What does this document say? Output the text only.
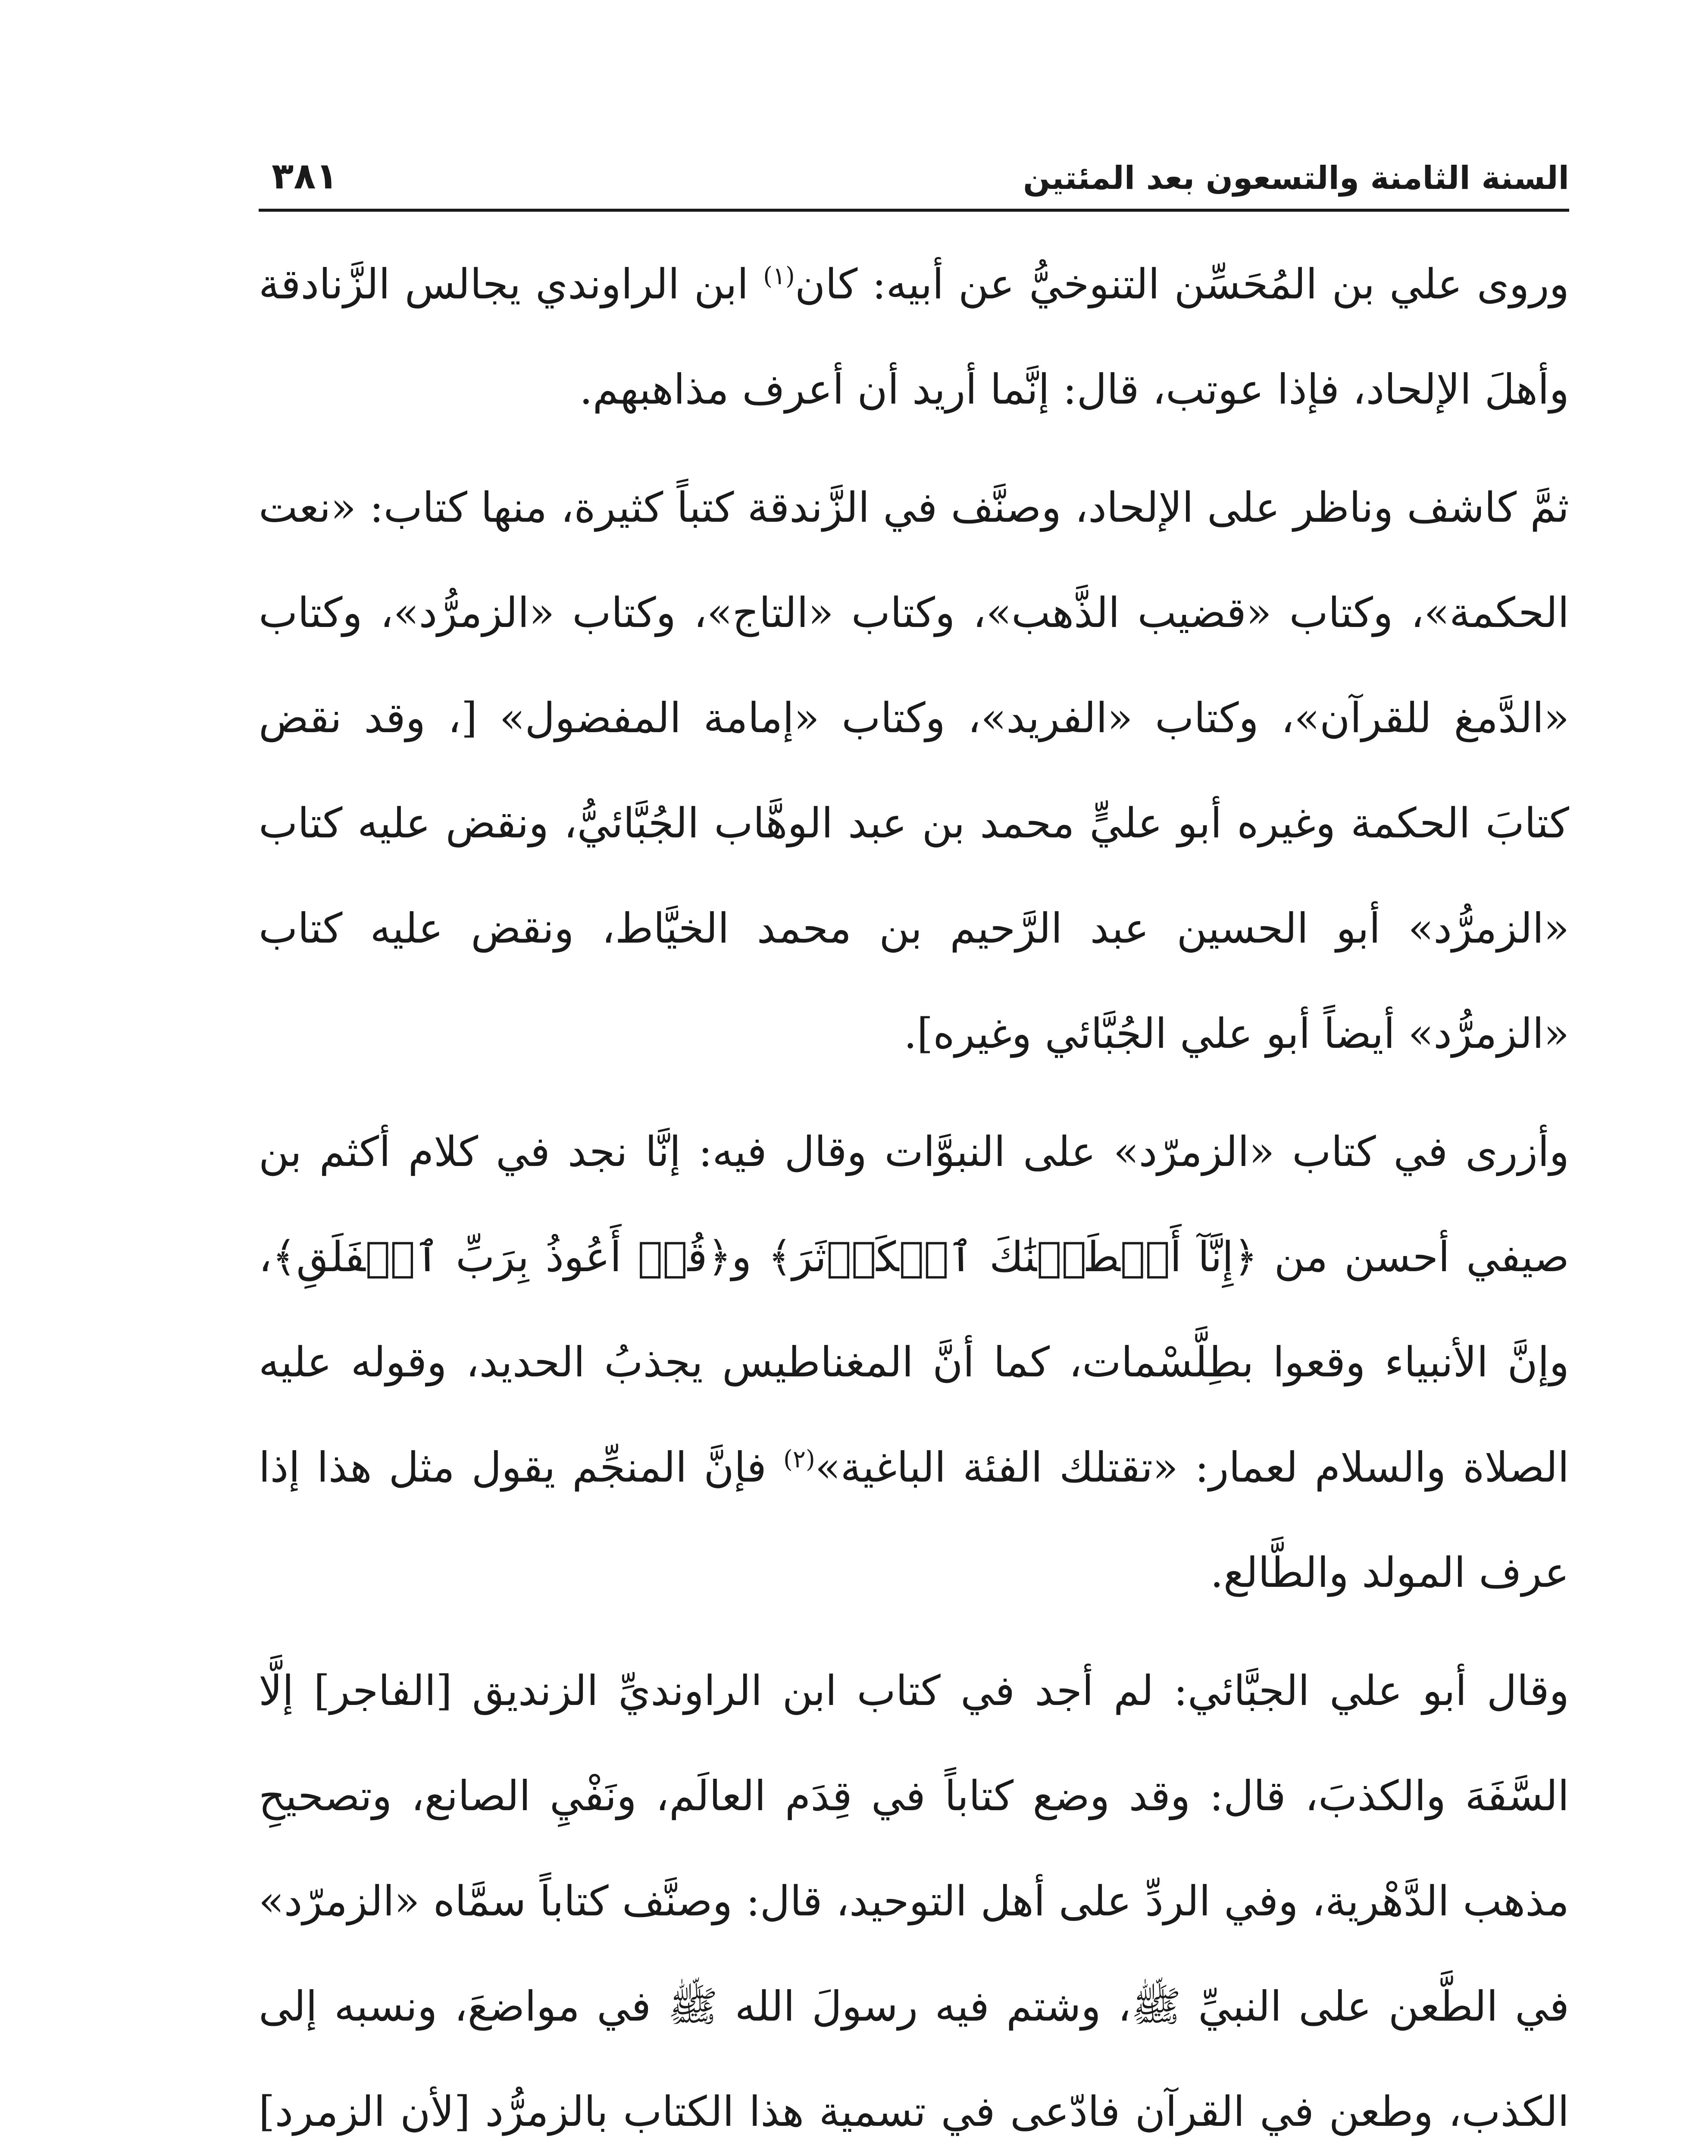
السنة الثامنة والتسعون بعد المئتين
٣٨١

وروى علي بن المُحَسِّن التنوخيُّ عن أبيه: كان$^{(١)}$ ابن الراوندي يجالس الزَّنادقة وأهلَ الإلحاد، فإذا عوتب، قال: إنَّما أريد أن أعرف مذاهبهم.

ثمَّ كاشف وناظر على الإلحاد، وصنَّف في الزَّندقة كتباً كثيرة، منها كتاب: «نعت الحكمة»، وكتاب «قضيب الذَّهب»، وكتاب «التاج»، وكتاب «الزمرُّد»، وكتاب «الدَّمغ للقرآن»، وكتاب «الفريد»، وكتاب «إمامة المفضول» [، وقد نقض كتابَ الحكمة وغيره أبو عليٍّ محمد بن عبد الوهَّاب الجُبَّائيُّ، ونقض عليه كتاب «الزمرُّد» أبو الحسين عبد الرَّحيم بن محمد الخيَّاط، ونقض عليه كتاب «الزمرُّد» أيضاً أبو علي الجُبَّائي وغيره].

وأزرى في كتاب «الزمرّد» على النبوَّات وقال فيه: إنَّا نجد في كلام أكثم بن صيفي أحسن من ﴿إِنَّآ أَعۡطَيۡنَٰكَ ٱلۡكَوۡثَرَ﴾ و﴿قُلۡ أَعُوذُ بِرَبِّ ٱلۡفَلَقِ﴾، وإنَّ الأنبياء وقعوا بطِلَّسْمات، كما أنَّ المغناطيس يجذبُ الحديد، وقوله عليه الصلاة والسلام لعمار: «تقتلك الفئة الباغية»$^{(٢)}$ فإنَّ المنجِّم يقول مثل هذا إذا عرف المولد والطَّالع.

وقال أبو علي الجبَّائي: لم أجد في كتاب ابن الراونديِّ الزنديق [الفاجر] إلَّا السَّفَهَ والكذبَ، قال: وقد وضع كتاباً في قِدَم العالَم، ونَفْيِ الصانع، وتصحيحِ مذهب الدَّهْرية، وفي الردِّ على أهل التوحيد، قال: وصنَّف كتاباً سمَّاه «الزمرّد» في الطَّعن على النبيِّ ﷺ، وشتم فيه رسولَ الله ﷺ في مواضعَ، ونسبه إلى الكذب، وطعن في القرآن فادّعى في تسمية هذا الكتاب بالزمرُّد [لأن الزمرد]
